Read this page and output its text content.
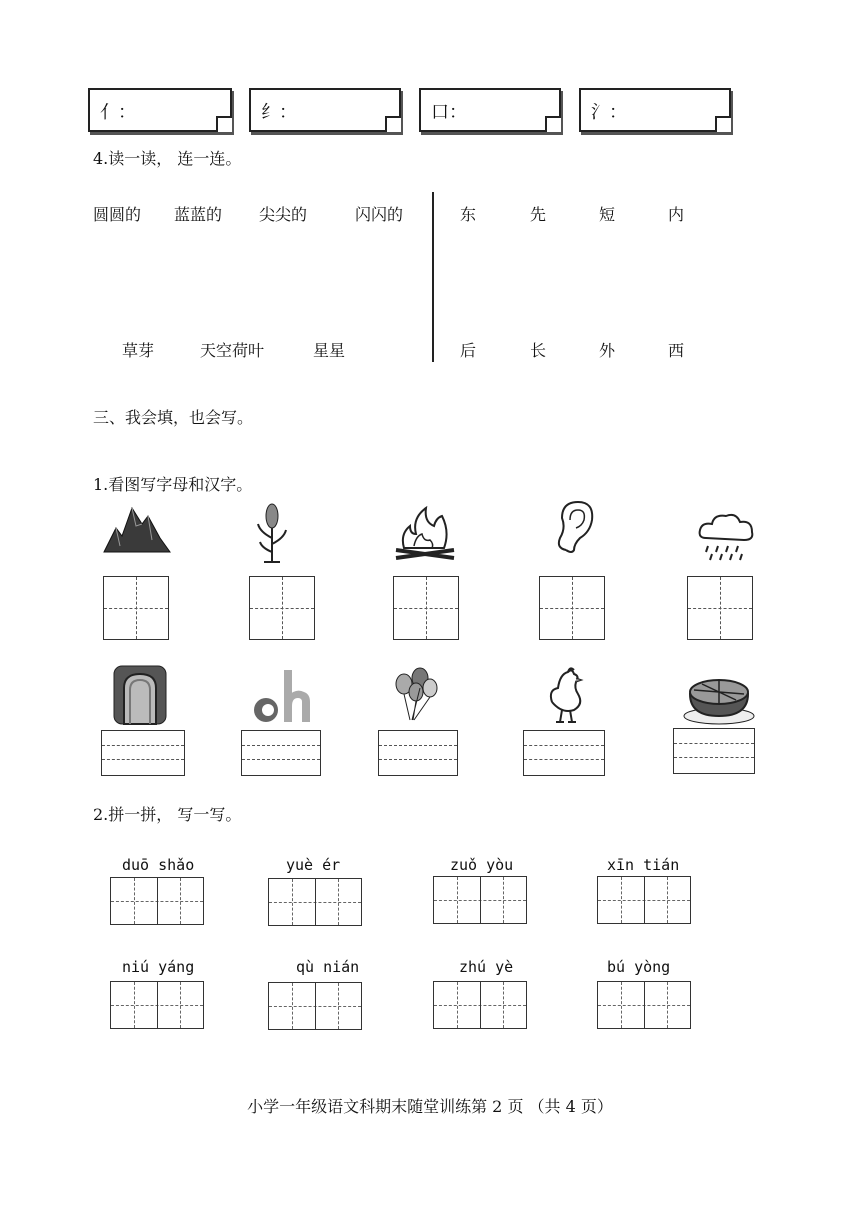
亻：	纟：	口：	氵：
4.读一读， 连一连。
圆圆的 蓝蓝的 尖尖的	闪闪的
草芽	天空荷叶	星星
东	先	短	内
后	长	外	西
三、我会填，也会写。
1.看图写字母和汉字。
2.拼一拼， 写一写。
duō shǎo	yuè ér	zuǒ yòu	xīn tián
niú yáng	qù nián	zhú yè	bú yòng
小学一年级语文科期末随堂训练第 2 页 （共 4 页）
